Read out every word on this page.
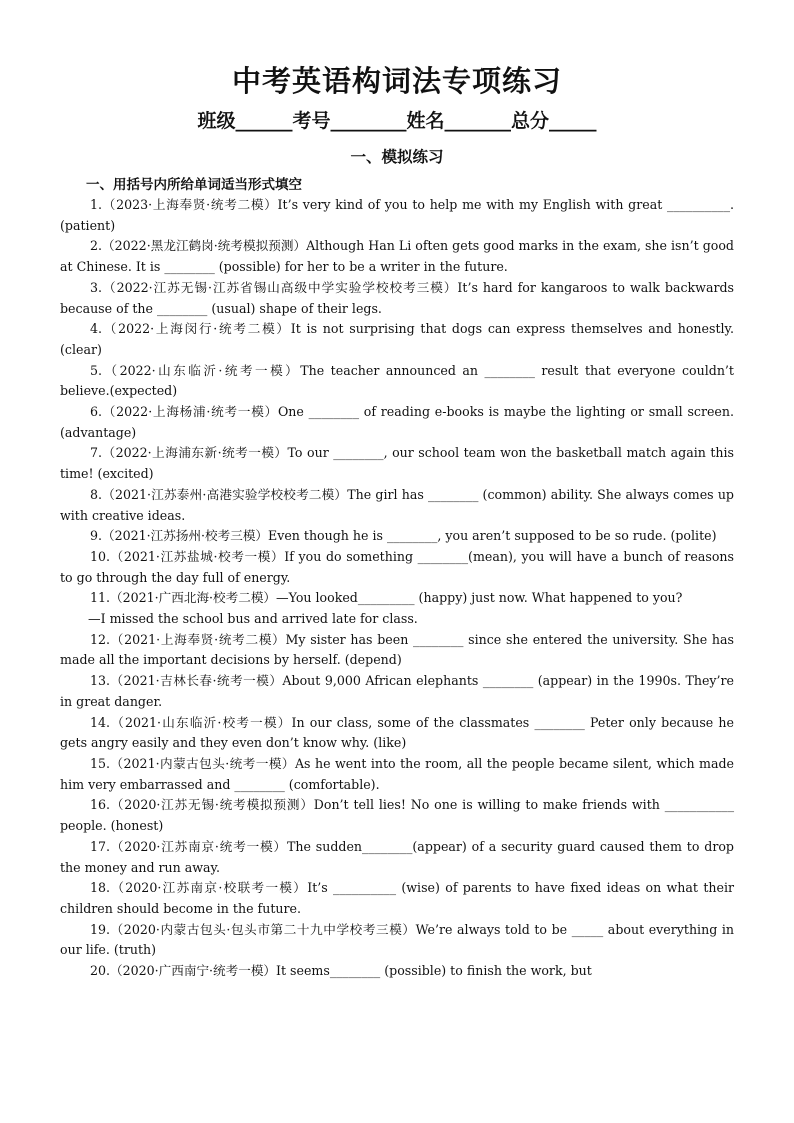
中考英语构词法专项练习
班级______考号________姓名_______总分_____
一、模拟练习
一、用括号内所给单词适当形式填空

1.（2023·上海奉贤·统考二模）It’s very kind of you to help me with my English with great __________. (patient)

2.（2022·黑龙江鹤岗·统考模拟预测）Although Han Li often gets good marks in the exam, she isn’t good at Chinese. It is ________ (possible) for her to be a writer in the future.

3.（2022·江苏无锡·江苏省锡山高级中学实验学校校考三模）It’s hard for kangaroos to walk backwards because of the ________ (usual) shape of their legs.

4.（2022·上海闵行·统考二模）It is not surprising that dogs can express themselves and honestly. (clear)

5.（2022·山东临沂·统考一模）The teacher announced an ________ result that everyone couldn’t believe.(expected)

6.（2022·上海杨浦·统考一模）One ________ of reading e-books is maybe the lighting or small screen. (advantage)

7.（2022·上海浦东新·统考一模）To our ________, our school team won the basketball match again this time! (excited)

8.（2021·江苏泰州·高港实验学校校考二模）The girl has ________ (common) ability. She always comes up with creative ideas.

9.（2021·江苏扬州·校考三模）Even though he is ________, you aren’t supposed to be so rude. (polite)

10.（2021·江苏盐城·校考一模）If you do something ________(mean), you will have a bunch of reasons to go through the day full of energy.

11.（2021·广西北海·校考二模）—You looked_________ (happy) just now. What happened to you?

—I missed the school bus and arrived late for class.

12.（2021·上海奉贤·统考二模）My sister has been ________ since she entered the university. She has made all the important decisions by herself. (depend)

13.（2021·吉林长春·统考一模）About 9,000 African elephants ________ (appear) in the 1990s. They’re in great danger.

14.（2021·山东临沂·校考一模）In our class, some of the classmates ________ Peter only because he gets angry easily and they even don’t know why. (like)

15.（2021·内蒙古包头·统考一模）As he went into the room, all the people became silent, which made him very embarrassed and ________ (comfortable).

16.（2020·江苏无锡·统考模拟预测）Don’t tell lies! No one is willing to make friends with ___________ people. (honest)

17.（2020·江苏南京·统考一模）The sudden________(appear) of a security guard caused them to drop the money and run away.

18.（2020·江苏南京·校联考一模）It’s __________ (wise) of parents to have fixed ideas on what their children should become in the future.

19.（2020·内蒙古包头·包头市第二十九中学校考三模）We’re always told to be _____ about everything in our life. (truth)

20.（2020·广西南宁·统考一模）It seems________ (possible) to finish the work, but
